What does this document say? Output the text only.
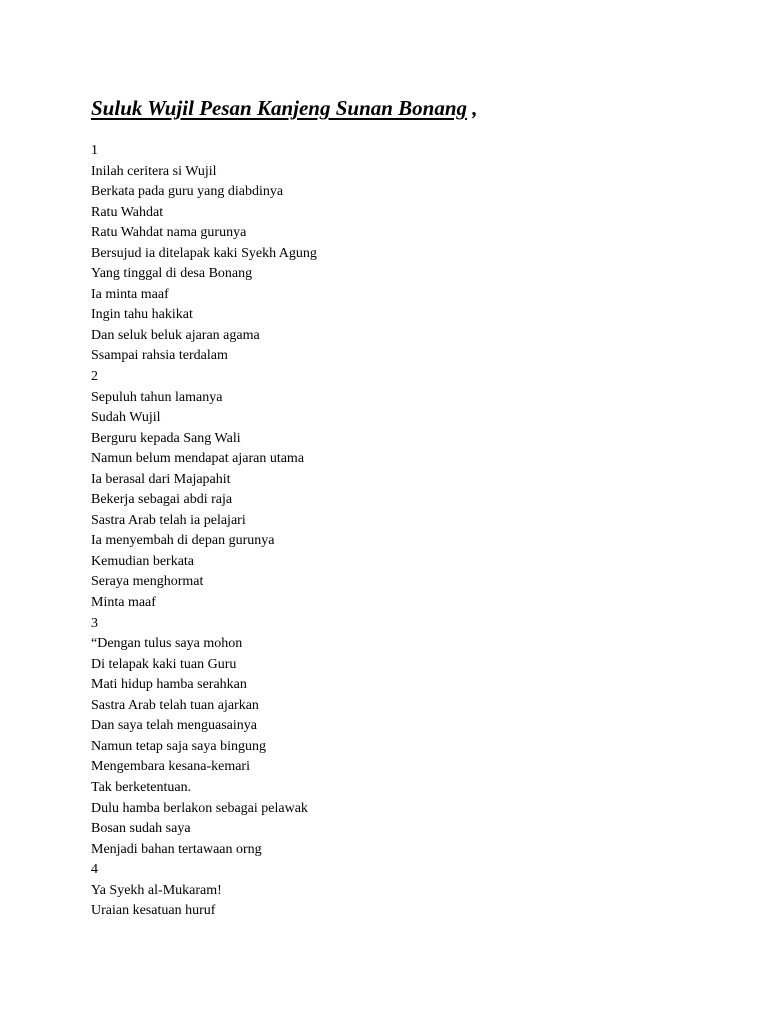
Suluk Wujil Pesan Kanjeng Sunan Bonang ,
1
Inilah ceritera si Wujil
Berkata pada guru yang diabdinya
Ratu Wahdat
Ratu Wahdat nama gurunya
Bersujud ia ditelapak kaki Syekh Agung
Yang tinggal di desa Bonang
Ia minta maaf
Ingin tahu hakikat
Dan seluk beluk ajaran agama
Ssampai rahsia terdalam
2
Sepuluh tahun lamanya
Sudah Wujil
Berguru kepada Sang Wali
Namun belum mendapat ajaran utama
Ia berasal dari Majapahit
Bekerja sebagai abdi raja
Sastra Arab telah ia pelajari
Ia menyembah di depan gurunya
Kemudian berkata
Seraya menghormat
Minta maaf
3
“Dengan tulus saya mohon
Di telapak kaki tuan Guru
Mati hidup hamba serahkan
Sastra Arab telah tuan ajarkan
Dan saya telah menguasainya
Namun tetap saja saya bingung
Mengembara kesana-kemari
Tak berketentuan.
Dulu hamba berlakon sebagai pelawak
Bosan sudah saya
Menjadi bahan tertawaan orng
4
Ya Syekh al-Mukaram!
Uraian kesatuan huruf
